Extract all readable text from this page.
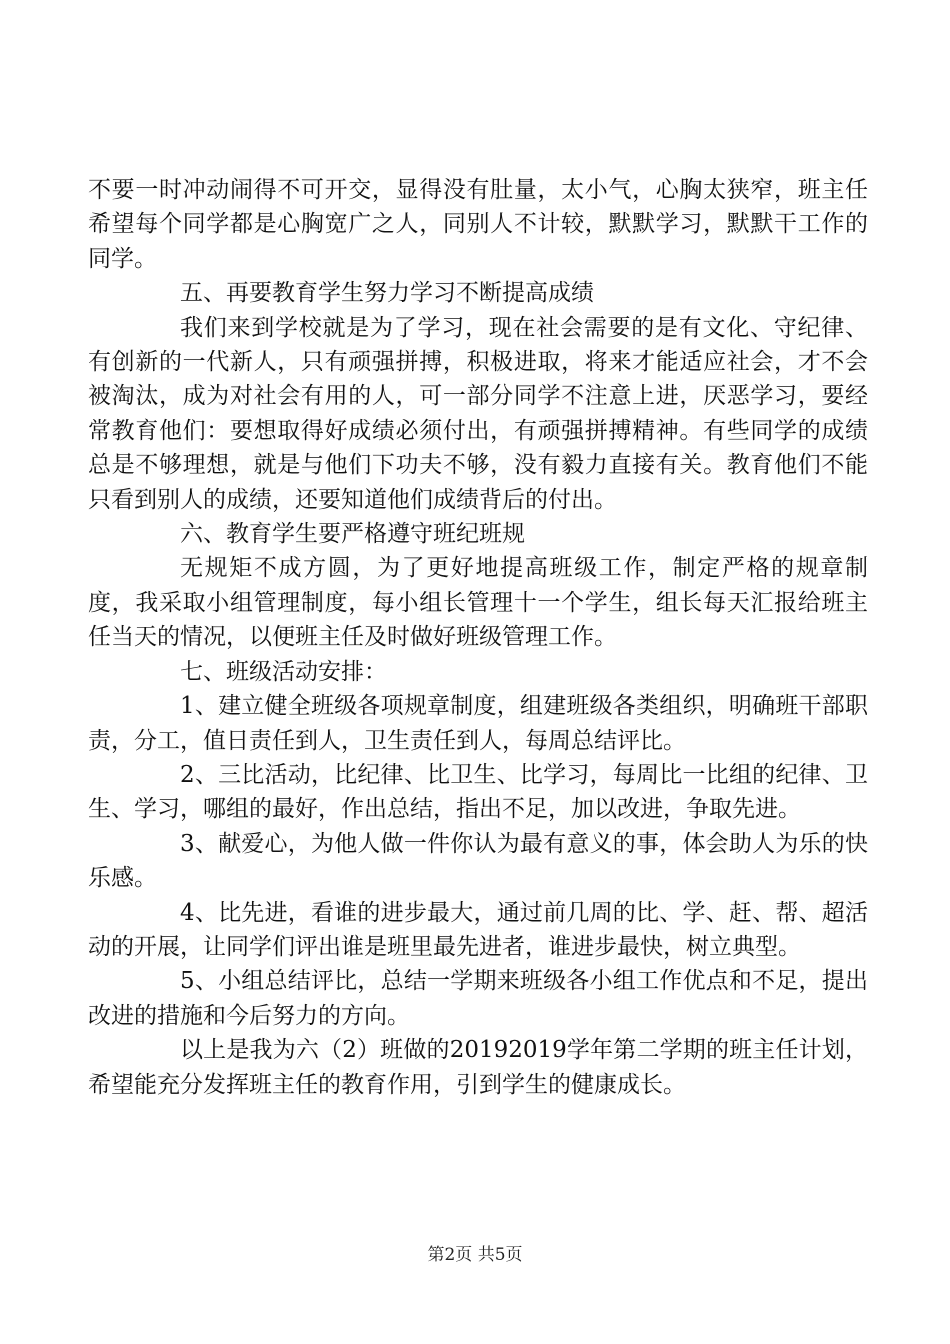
不要一时冲动闹得不可开交，显得没有肚量，太小气，心胸太狭窄，班主任希望每个同学都是心胸宽广之人，同别人不计较，默默学习，默默干工作的同学。

五、再要教育学生努力学习不断提高成绩

我们来到学校就是为了学习，现在社会需要的是有文化、守纪律、有创新的一代新人，只有顽强拼搏，积极进取，将来才能适应社会，才不会被淘汰，成为对社会有用的人，可一部分同学不注意上进，厌恶学习，要经常教育他们：要想取得好成绩必须付出，有顽强拼搏精神。有些同学的成绩总是不够理想，就是与他们下功夫不够，没有毅力直接有关。教育他们不能只看到别人的成绩，还要知道他们成绩背后的付出。

六、教育学生要严格遵守班纪班规

无规矩不成方圆，为了更好地提高班级工作，制定严格的规章制度，我采取小组管理制度，每小组长管理十一个学生，组长每天汇报给班主任当天的情况，以便班主任及时做好班级管理工作。

七、班级活动安排：

1、建立健全班级各项规章制度，组建班级各类组织，明确班干部职责，分工，值日责任到人，卫生责任到人，每周总结评比。

2、三比活动，比纪律、比卫生、比学习，每周比一比组的纪律、卫生、学习，哪组的最好，作出总结，指出不足，加以改进，争取先进。

3、献爱心，为他人做一件你认为最有意义的事，体会助人为乐的快乐感。

4、比先进，看谁的进步最大，通过前几周的比、学、赶、帮、超活动的开展，让同学们评出谁是班里最先进者，谁进步最快，树立典型。

5、小组总结评比，总结一学期来班级各小组工作优点和不足，提出改进的措施和今后努力的方向。

以上是我为六（2）班做的20192019学年第二学期的班主任计划，希望能充分发挥班主任的教育作用，引到学生的健康成长。

第2页 共5页
